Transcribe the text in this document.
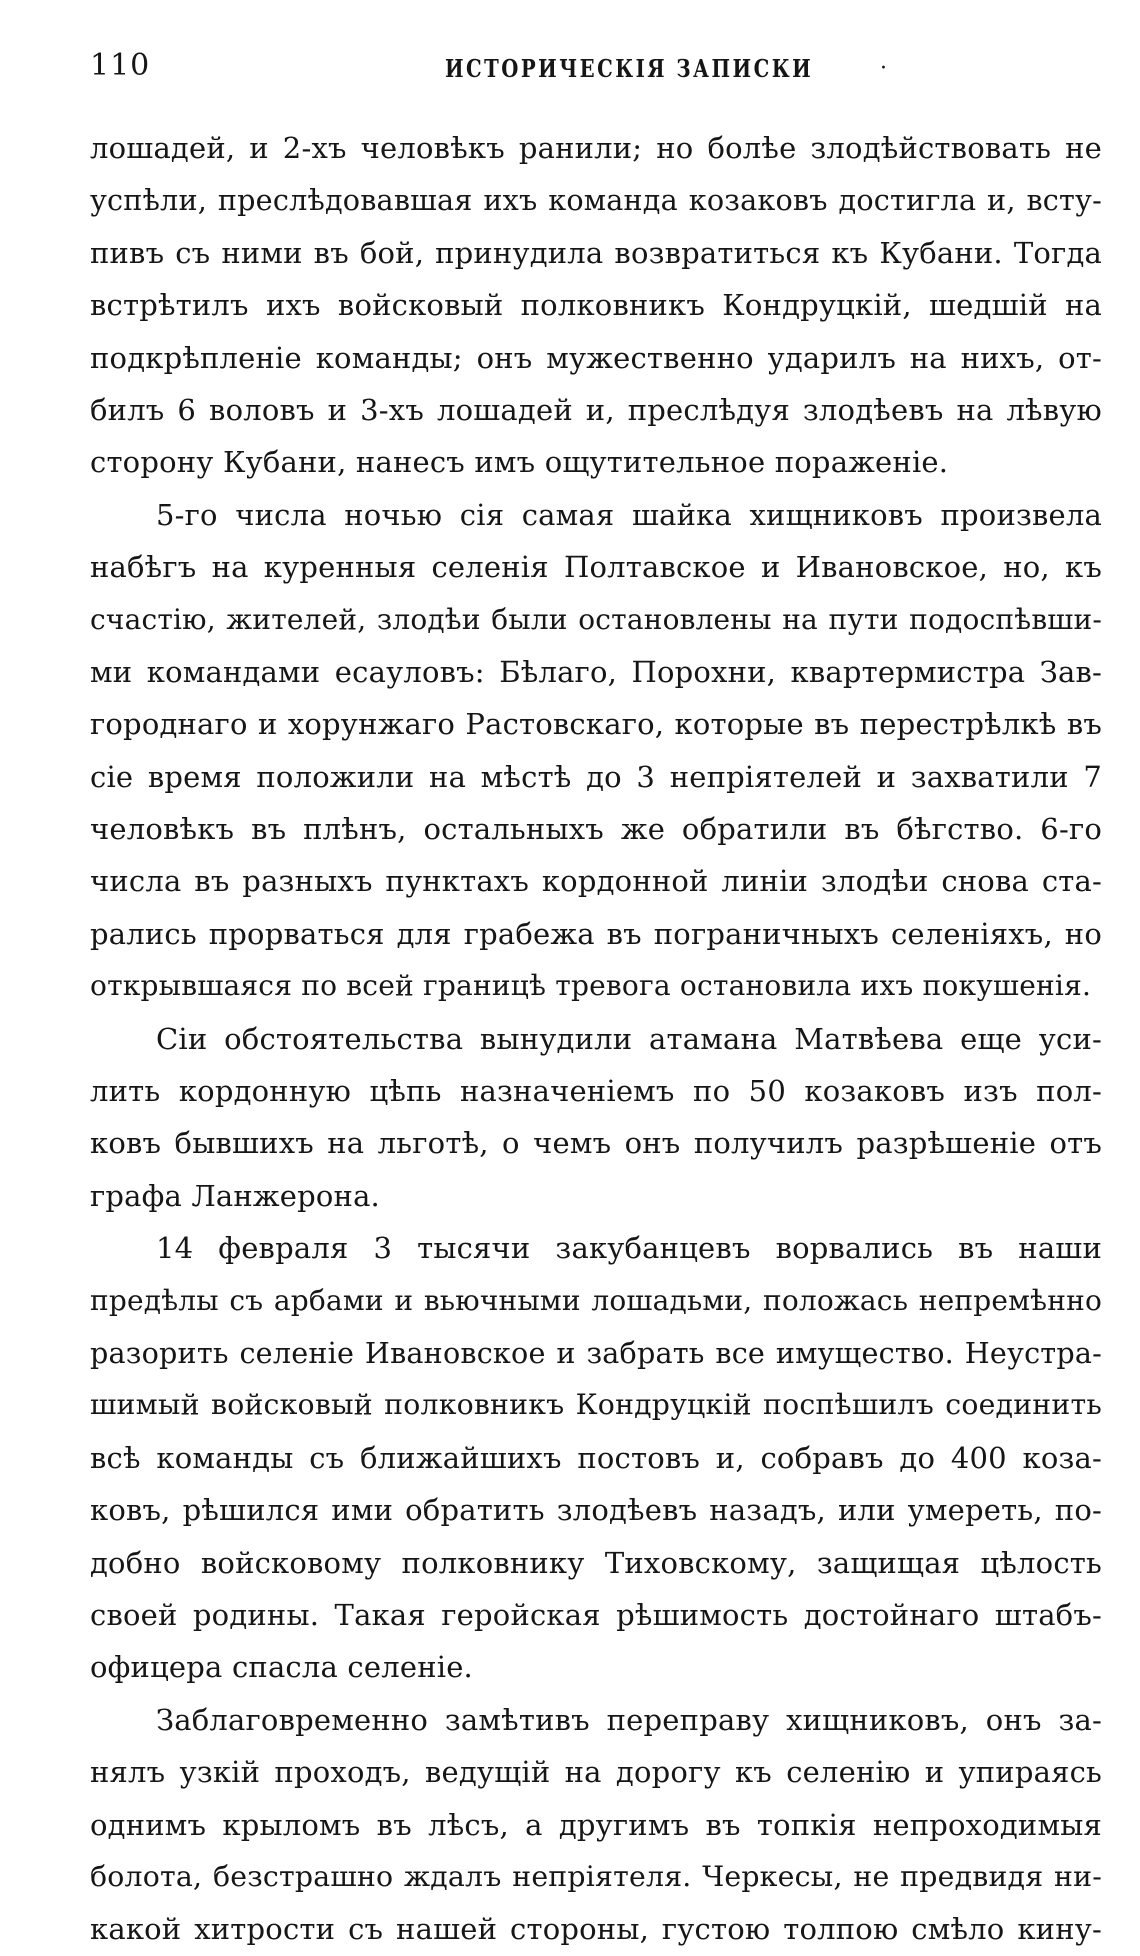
110	ИСТОРИЧЕСКІЯ ЗАПИСКИ	·
лошадей, и 2-хъ человѣкъ ранили; но болѣе злодѣйствовать не
успѣли, преслѣдовавшая ихъ команда козаковъ достигла и, всту-
пивъ съ ними въ бой, принудила возвратиться къ Кубани. Тогда
встрѣтилъ ихъ войсковый полковникъ Кондруцкій, шедшій на
подкрѣпленіе команды; онъ мужественно ударилъ на нихъ, от-
билъ 6 воловъ и 3-хъ лошадей и, преслѣдуя злодѣевъ на лѣвую
сторону Кубани, нанесъ имъ ощутительное пораженіе.
5-го числа ночью сія самая шайка хищниковъ произвела
набѣгъ на куренныя селенія Полтавское и Ивановское, но, къ
счастію, жителей, злодѣи были остановлены на пути подоспѣвши-
ми командами есауловъ: Бѣлаго, Порохни, квартермистра Зав-
городнаго и хорунжаго Растовскаго, которые въ перестрѣлкѣ въ
сіе время положили на мѣстѣ до 3 непріятелей и захватили 7
человѣкъ въ плѣнъ, остальныхъ же обратили въ бѣгство. 6-го
числа въ разныхъ пунктахъ кордонной линіи злодѣи снова ста-
рались прорваться для грабежа въ пограничныхъ селеніяхъ, но
открывшаяся по всей границѣ тревога остановила ихъ покушенія.
Сіи обстоятельства вынудили атамана Матвѣева еще уси-
лить кордонную цѣпь назначеніемъ по 50 козаковъ изъ пол-
ковъ бывшихъ на льготѣ, о чемъ онъ получилъ разрѣшеніе отъ
графа Ланжерона.
14 февраля 3 тысячи закубанцевъ ворвались въ наши
предѣлы съ арбами и вьючными лошадьми, положась непремѣнно
разорить селеніе Ивановское и забрать все имущество. Неустра-
шимый войсковый полковникъ Кондруцкій поспѣшилъ соединить
всѣ команды съ ближайшихъ постовъ и, собравъ до 400 коза-
ковъ, рѣшился ими обратить злодѣевъ назадъ, или умереть, по-
добно войсковому полковнику Тиховскому, защищая цѣлость
своей родины. Такая геройская рѣшимость достойнаго штабъ-
офицера спасла селеніе.
Заблаговременно замѣтивъ переправу хищниковъ, онъ за-
нялъ узкій проходъ, ведущій на дорогу къ селенію и упираясь
однимъ крыломъ въ лѣсъ, а другимъ въ топкія непроходимыя
болота, безстрашно ждалъ непріятеля. Черкесы, не предвидя ни-
какой хитрости съ нашей стороны, густою толпою смѣло кину-
